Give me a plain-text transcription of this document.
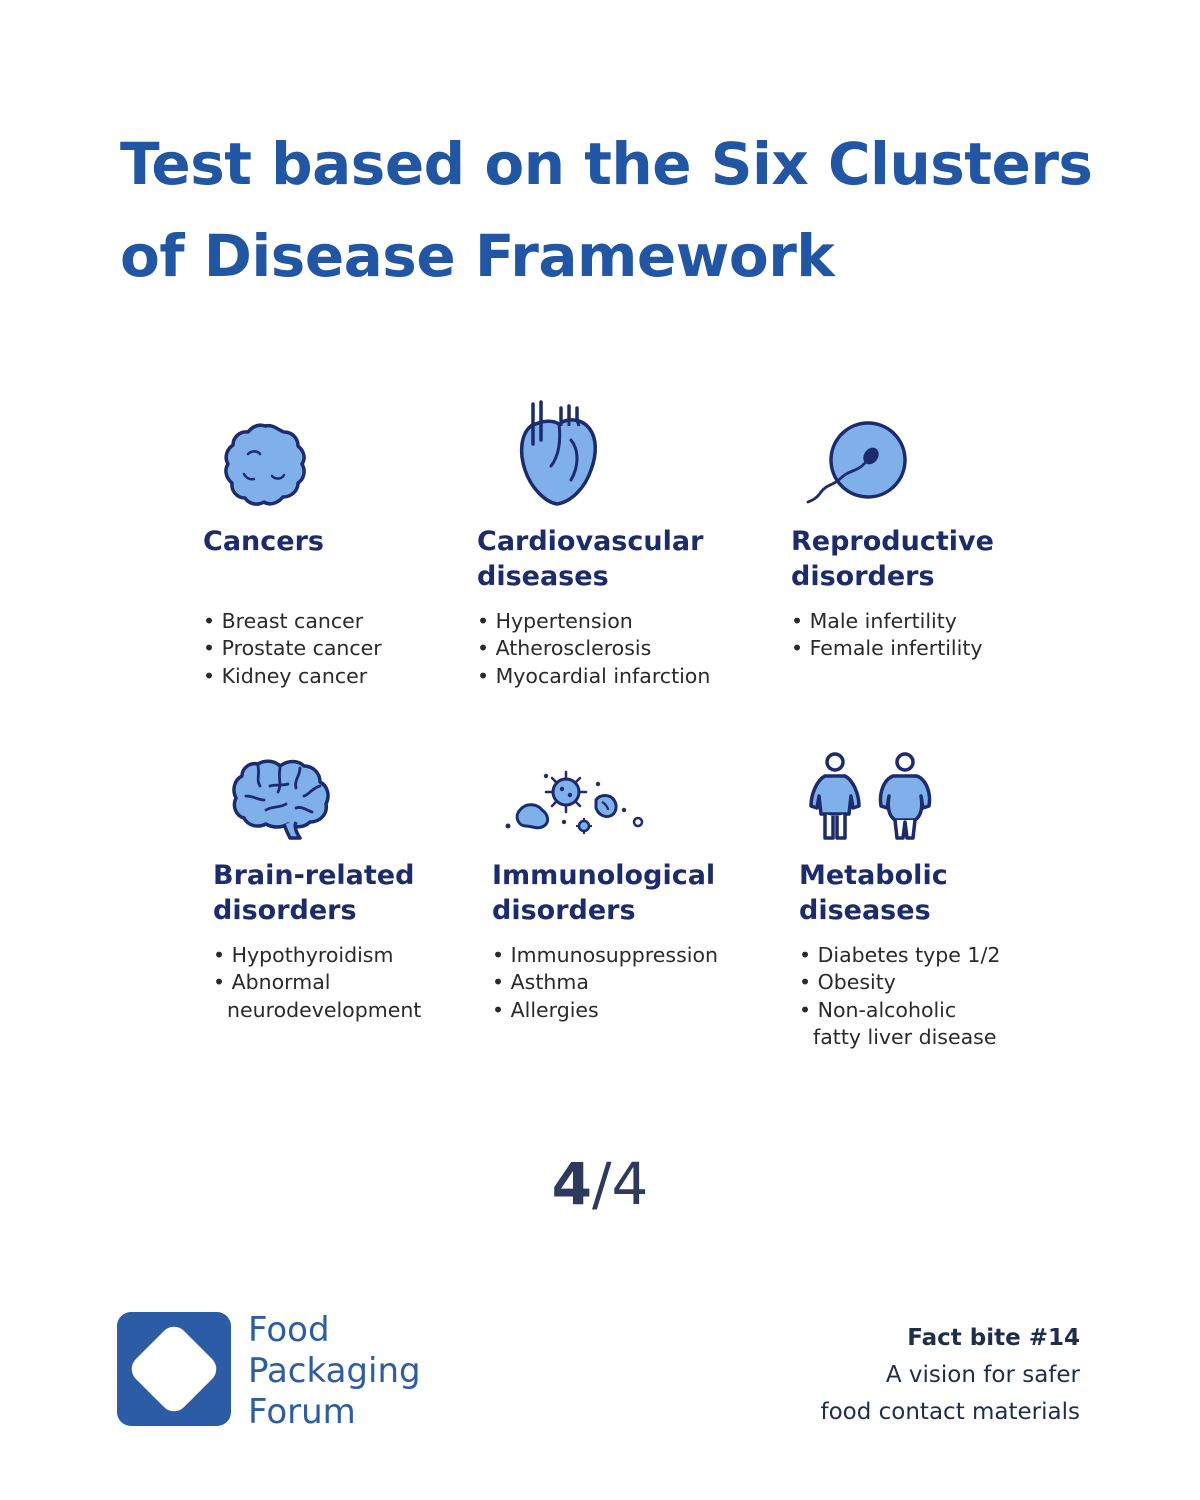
Test based on the Six Clusters
of Disease Framework
Cancers
• Breast cancer
• Prostate cancer
• Kidney cancer
Cardiovascular
diseases
• Hypertension
• Atherosclerosis
• Myocardial infarction
Reproductive
disorders
• Male infertility
• Female infertility
Brain-related
disorders
• Hypothyroidism
• Abnormal
neurodevelopment
Immunological
disorders
• Immunosuppression
• Asthma
• Allergies
Metabolic
diseases
• Diabetes type 1/2
• Obesity
• Non-alcoholic
fatty liver disease
4/4
Food
Packaging
Forum
Fact bite #14
A vision for safer
food contact materials
